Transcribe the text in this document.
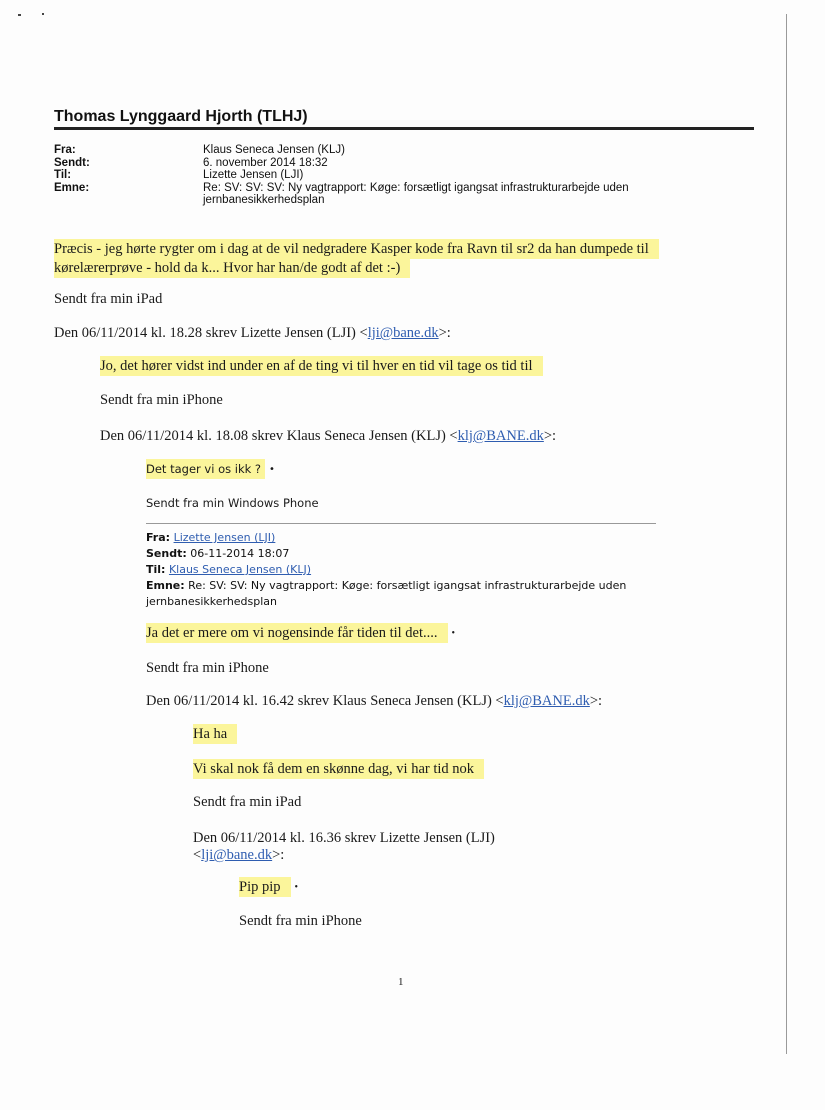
Thomas Lynggaard Hjorth (TLHJ)
Fra:	Klaus Seneca Jensen (KLJ)
Sendt:	6. november 2014 18:32
Til:	Lizette Jensen (LJI)
Emne:	Re: SV: SV: SV: Ny vagtrapport: Køge: forsætligt igangsat infrastrukturarbejde uden
jernbanesikkerhedsplan
Præcis - jeg hørte rygter om i dag at de vil nedgradere Kasper kode fra Ravn til sr2 da han dumpede til
kørelærerprøve - hold da k... Hvor har han/de godt af det :-)
Sendt fra min iPad
Den 06/11/2014 kl. 18.28 skrev Lizette Jensen (LJI) <lji@bane.dk>:
Jo, det hører vidst ind under en af de ting vi til hver en tid vil tage os tid til
Sendt fra min iPhone
Den 06/11/2014 kl. 18.08 skrev Klaus Seneca Jensen (KLJ) <klj@BANE.dk>:
Det tager vi os ikk ? •
Sendt fra min Windows Phone
Fra: Lizette Jensen (LJI)
Sendt: 06-11-2014 18:07
Til: Klaus Seneca Jensen (KLJ)
Emne: Re: SV: SV: Ny vagtrapport: Køge: forsætligt igangsat infrastrukturarbejde uden
jernbanesikkerhedsplan
Ja det er mere om vi nogensinde får tiden til det.... •
Sendt fra min iPhone
Den 06/11/2014 kl. 16.42 skrev Klaus Seneca Jensen (KLJ) <klj@BANE.dk>:
Ha ha
Vi skal nok få dem en skønne dag, vi har tid nok
Sendt fra min iPad
Den 06/11/2014 kl. 16.36 skrev Lizette Jensen (LJI)
<lji@bane.dk>:
Pip pip •
Sendt fra min iPhone
1
